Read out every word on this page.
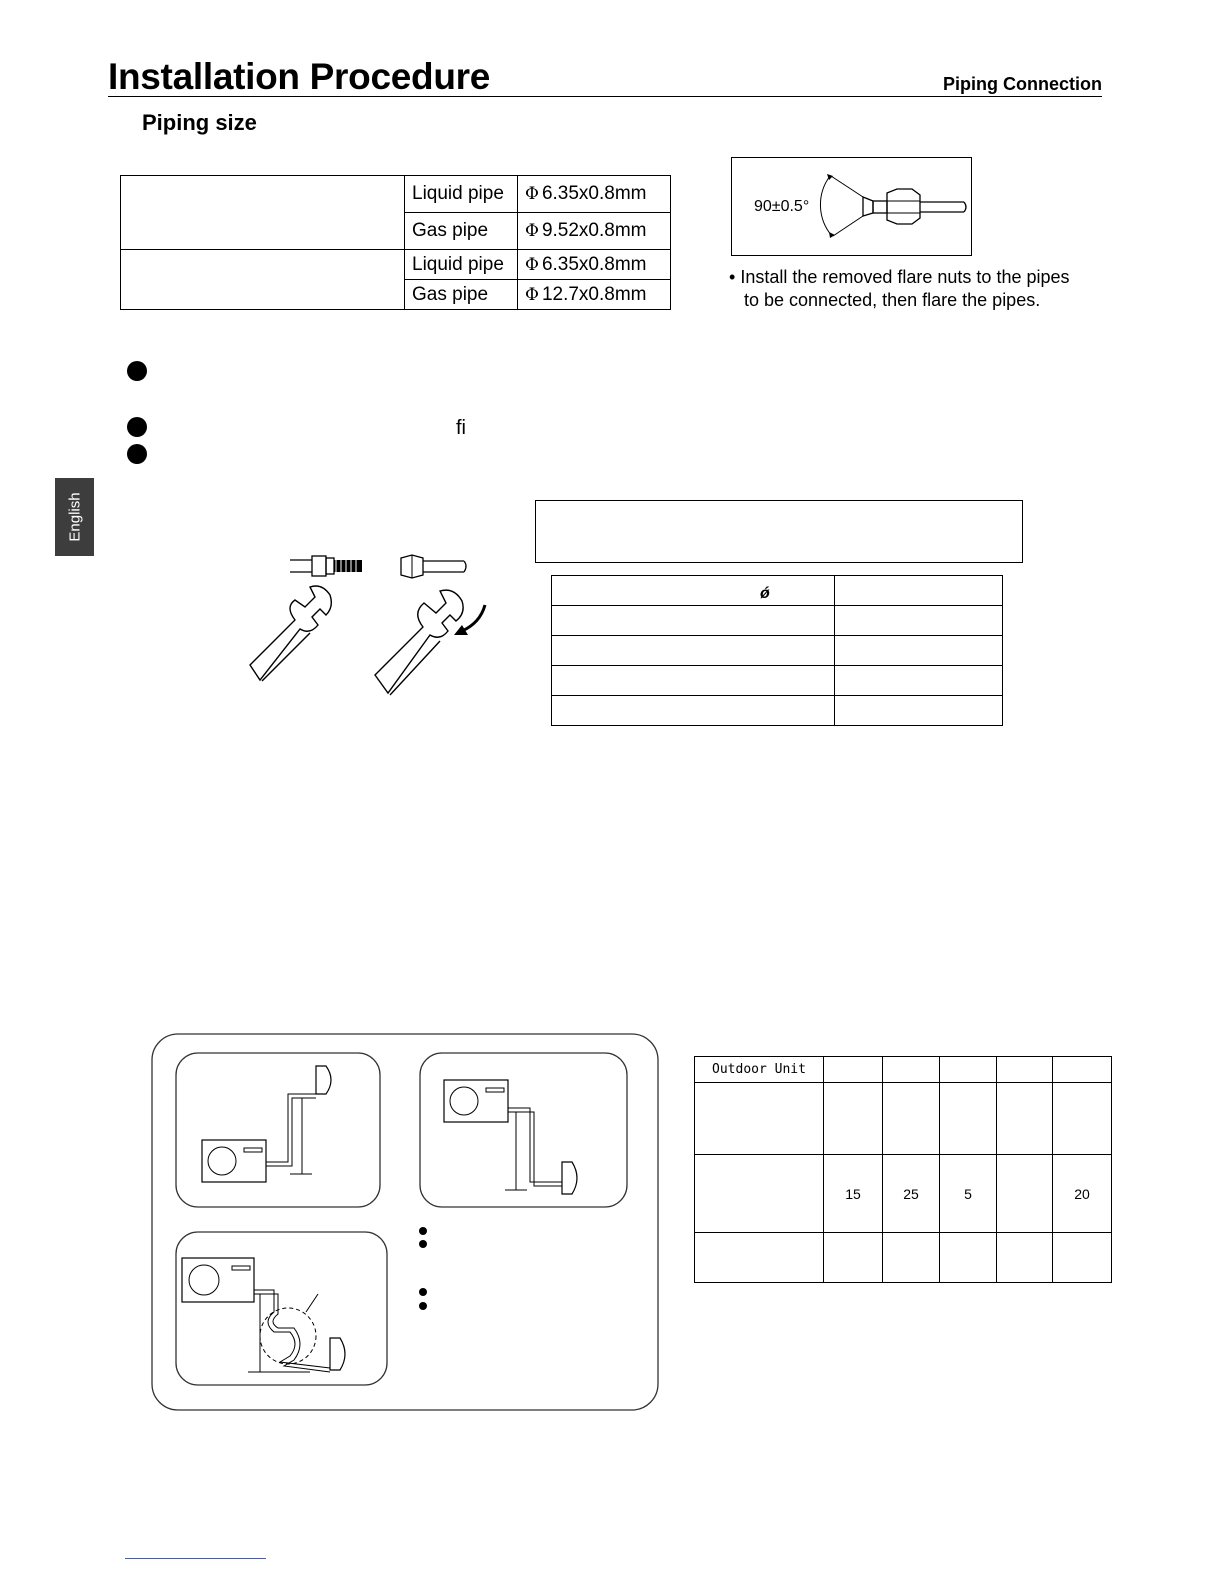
Installation Procedure	Piping Connection
Piping size
	Liquid pipe	Φ 6.35x0.8mm
	Gas pipe	Φ 9.52x0.8mm
	Liquid pipe	Φ 6.35x0.8mm
	Gas pipe	Φ 12.7x0.8mm
90±0.5°
• Install the removed flare nuts to the pipes
to be connected, then flare the pipes.
fi
English
ǿ	

Outdoor Unit					

	15	25	5		20
